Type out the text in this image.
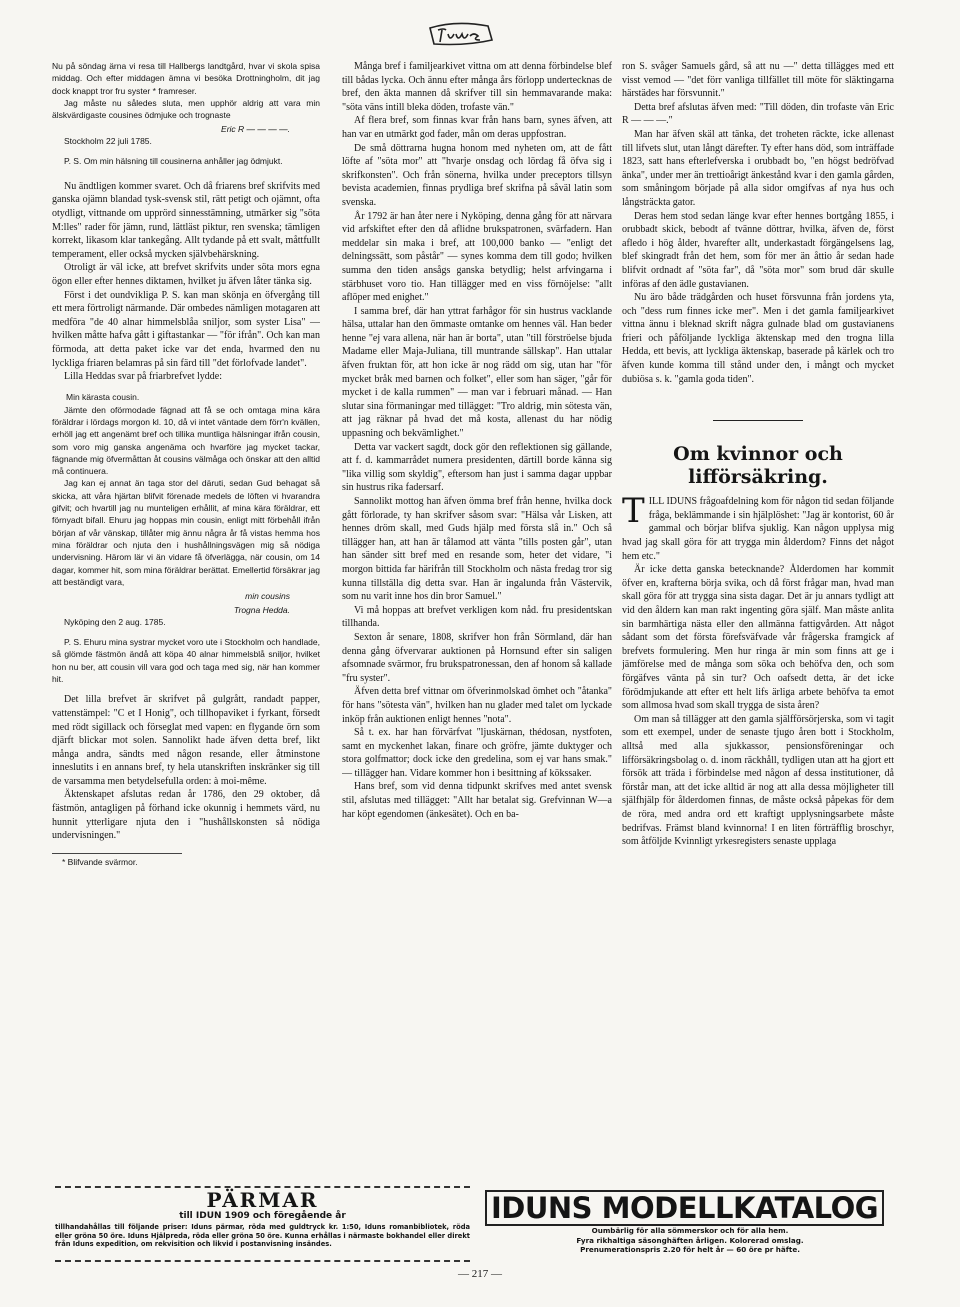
Nu på söndag ärna vi resa till Hallbergs landtgård, hvar vi skola spisa middag. Och efter middagen ämna vi besöka Drottningholm, dit jag dock knappt tror fru syster * framreser.

Jag måste nu således sluta, men upphör aldrig att vara min älskvärdigaste cousines ödmjuke och trognaste

Eric R — — — —.
Stockholm 22 juli 1785.

P. S. Om min hälsning till cousinerna anhåller jag ödmjukt.

Nu ändtligen kommer svaret. Och då friarens bref skrifvits med ganska ojämn blandad tysk-svensk stil, rätt petigt och ojämnt, ofta otydligt, vittnande om upprörd sinnesstämning, utmärker sig "söta M:lles" rader för jämn, rund, lättläst piktur, ren svenska; tämligen korrekt, likasom klar tankegång. Allt tydande på ett svalt, måttfullt temperament, eller också mycken självbehärskning.

Otroligt är väl icke, att brefvet skrifvits under söta mors egna ögon eller efter hennes diktamen, hvilket ju äfven låter tänka sig.

Först i det oundvikliga P. S. kan man skönja en öfvergång till ett mera förtroligt närmande. Där ombedes nämligen motagaren att medföra "de 40 alnar himmelsblåa sniljor, som syster Lisa" — hvilken måtte hafva gått i giftastankar — "för ifrån". Och kan man förmoda, att detta paket icke var det enda, hvarmed den nu lyckliga friaren belamras på sin färd till "det förlofvade landet".

Lilla Heddas svar på friarbrefvet lydde:

Min kärasta cousin.

Jämte den oförmodade fägnad att få se och omtaga mina kära föräldrar i lördags morgon kl. 10, då vi intet väntade dem förr'n kvällen, erhöll jag ett angenämt bref och tillika muntliga hälsningar ifrån cousin, som voro mig ganska angenäma och hvarföre jag mycket tackar, fägnande mig öfvermåttan åt cousins välmåga och önskar att den alltid må continuera.

Jag kan ej annat än taga stor del däruti, sedan Gud behagat så skicka, att våra hjärtan blifvit förenade medels de löften vi hvarandra gifvit; och hvartill jag nu munteligen erhållit, af mina kära föräldrar, ett förnyadt bifall. Ehuru jag hoppas min cousin, enligt mitt förbehåll ifrån början af vår vänskap, tillåter mig ännu några år få vistas hemma hos mina föräldrar och njuta den i hushållningsvägen mig så nödiga undervisning. Härom lär vi än vidare få öfverlägga, när cousin, om 14 dagar, kommer hit, som mina föräldrar berättat. Emellertid försäkrar jag att beständigt vara,

min cousins
Trogna Hedda.
Nyköping den 2 aug. 1785.

P. S. Ehuru mina systrar mycket voro ute i Stockholm och handlade, så glömde fästmön ändå att köpa 40 alnar himmelsblå sniljor, hvilket hon nu ber, att cousin vill vara god och taga med sig, när han kommer hit.

Det lilla brefvet är skrifvet på gulgrått, randadt papper, vattenstämpel: "C et I Honig", och tillhopaviket i fyrkant, försedt med rödt sigillack och förseglat med vapen: en flygande örn som djärft blickar mot solen. Sannolikt hade äfven detta bref, likt många andra, sändts med någon resande, eller åtminstone inneslutits i en annans bref, ty hela utanskriften inskränker sig till de varsamma men betydelsefulla orden: à moi-même.

Äktenskapet afslutas redan år 1786, den 29 oktober, då fästmön, antagligen på förhand icke okunnig i hemmets värd, nu hunnit ytterligare njuta den i "hushållskonsten så nödiga undervisningen."

* Blifvande svärmor.

Många bref i familjearkivet vittna om att denna förbindelse blef till bådas lycka. Och ännu efter många års förlopp undertecknas de bref, den äkta mannen då skrifver till sin hemmavarande maka: "söta väns intill bleka döden, trofaste vän."

Af flera bref, som finnas kvar från hans barn, synes äfven, att han var en utmärkt god fader, mån om deras uppfostran.

De små döttrarna hugna honom med nyheten om, att de fått löfte af "söta mor" att "hvarje onsdag och lördag få öfva sig i skrifkonsten". Och från sönerna, hvilka under preceptors tillsyn bevista academien, finnas prydliga bref skrifna på såväl latin som svenska.

År 1792 är han åter nere i Nyköping, denna gång för att närvara vid arfskiftet efter den då aflidne brukspatronen, svärfadern. Han meddelar sin maka i bref, att 100,000 banko — "enligt det delningssätt, som påstår" — synes komma dem till godo; hvilken summa den tiden ansågs ganska betydlig; helst arfvingarna i stärbhuset voro tio. Han tillägger med en viss förnöjelse: "allt aflöper med enighet."

I samma bref, där han yttrat farhågor för sin hustrus vacklande hälsa, uttalar han den ömmaste omtanke om hennes väl. Han beder henne "ej vara allena, när han är borta", utan "till förströelse bjuda Madame eller Maja-Juliana, till muntrande sällskap". Han uttalar äfven fruktan för, att hon icke är nog rädd om sig, utan har "för mycket bråk med barnen och folket", eller som han säger, "går för mycket i de kalla rummen" — man var i februari månad. — Han slutar sina förmaningar med tillägget: "Tro aldrig, min sötesta vän, att jag räknar på hvad det må kosta, allenast du har nödig uppasning och bekvämlighet."

Detta var vackert sagdt, dock gör den reflektionen sig gällande, att f. d. kammarrådet numera presidenten, därtill borde känna sig "lika villig som skyldig", eftersom han just i samma dagar uppbar sin hustrus rika fadersarf.

Sannolikt mottog han äfven ömma bref från henne, hvilka dock gått förlorade, ty han skrifver såsom svar: "Hälsa vår Lisken, att hennes dröm skall, med Guds hjälp med första slå in." Och så tillägger han, att han är tålamod att vänta "tills posten går", utan han sänder sitt bref med en resande som, heter det vidare, "i morgon bittida far härifrån till Stockholm och nästa fredag tror sig kunna tillställa dig detta svar. Han är ingalunda från Västervik, som nu varit inne hos din bror Samuel."

Vi må hoppas att brefvet verkligen kom nåd. fru presidentskan tillhanda.

Sexton år senare, 1808, skrifver hon från Sörmland, där han denna gång öfvervarar auktionen på Hornsund efter sin saligen afsomnade svärmor, fru brukspatronessan, den af honom så kallade "fru syster".

Äfven detta bref vittnar om öfverinmolskad ömhet och "åtanka" för hans "sötesta vän", hvilken han nu glader med talet om lyckade inköp från auktionen enligt hennes "nota".

Så t. ex. har han förvärfvat "ljuskärnan, thédosan, nystfoten, samt en myckenhet lakan, finare och gröfre, jämte duktyger och stora golfmattor; dock icke den gredelina, som ej var hans smak." — tillägger han. Vidare kommer hon i besittning af kökssaker.

Hans bref, som vid denna tidpunkt skrifves med antet svensk stil, afslutas med tillägget: "Allt har betalat sig. Grefvinnan W—a har köpt egendomen (änkesätet). Och en ba-

ron S. svåger Samuels gård, så att nu —" detta tillägges med ett visst vemod — "det förr vanliga tillfället till möte för släktingarna härstädes har försvunnit."

Detta bref afslutas äfven med: "Till döden, din trofaste vän Eric R — — —."

Man har äfven skäl att tänka, det troheten räckte, icke allenast till lifvets slut, utan långt därefter. Ty efter hans död, som inträffade 1823, satt hans efterlefverska i orubbadt bo, "en högst bedröfvad änka", under mer än trettioårigt änkestånd kvar i den gamla gården, som småningom började på alla sidor omgifvas af nya hus och långsträckta gator.

Deras hem stod sedan länge kvar efter hennes bortgång 1855, i orubbadt skick, bebodt af tvänne döttrar, hvilka, äfven de, först afledo i hög ålder, hvarefter allt, underkastadt förgängelsens lag, blef skingradt från det hem, som för mer än åttio år sedan hade blifvit ordnadt af "söta far", då "söta mor" som brud där skulle införas af den ädle gustavianen.

Nu äro både trädgården och huset försvunna från jordens yta, och "dess rum finnes icke mer". Men i det gamla familjearkivet vittna ännu i bleknad skrift några gulnade blad om gustavianens frieri och påföljande lyckliga äktenskap med den trogna lilla Hedda, ett bevis, att lyckliga äktenskap, baserade på kärlek och tro äfven kunde komma till stånd under den, i mångt och mycket dubiösa s. k. "gamla goda tiden".

Om kvinnor och lifförsäkring.

TILL IDUNS frågoafdelning kom för någon tid sedan följande fråga, beklämmande i sin hjälplöshet: "Jag är kontorist, 60 år gammal och börjar blifva sjuklig. Kan någon upplysa mig hvad jag skall göra för att trygga min ålderdom? Finns det något hem etc."

Är icke detta ganska betecknande? Ålderdomen har kommit öfver en, krafterna börja svika, och då först frågar man, hvad man skall göra för att trygga sina sista dagar. Det är ju annars tydligt att vid den åldern kan man rakt ingenting göra själf. Man måste anlita sin barmhärtiga nästa eller den allmänna fattigvården. Att något sådant som det första förefsväfvade vår frågerska framgick af brefvets formulering. Men hur ringa är min som finns att ge i jämförelse med de många som söka och behöfva den, och som förgäfves vänta på sin tur? Och oafsedt detta, är det icke förödmjukande att efter ett helt lifs ärliga arbete behöfva ta emot som allmosa hvad som skall trygga de sista åren?

Om man så tillägger att den gamla själfförsörjerska, som vi tagit som ett exempel, under de senaste tjugo åren bott i Stockholm, alltså med alla sjukkassor, pensionsföreningar och lifförsäkringsbolag o. d. inom räckhåll, tydligen utan att ha gjort ett försök att träda i förbindelse med någon af dessa institutioner, då förstår man, att det icke alltid är nog att alla dessa möjligheter till själfhjälp för ålderdomen finnas, de måste också påpekas för dem de röra, med andra ord ett kraftigt upplysningsarbete måste bedrifvas. Främst bland kvinnorna! I en liten förträfflig broschyr, som åtföljde Kvinnligt yrkesregisters senaste upplaga

PÄRMAR
till IDUN 1909 och föregående år
tillhandahållas till följande priser: Iduns pärmar, röda med guldtryck kr. 1:50, Iduns romanbibliotek, röda eller gröna 50 öre. Iduns Hjälpreda, röda eller gröna 50 öre. Kunna erhållas i närmaste bokhandel eller direkt från Iduns expedition, om rekvisition och likvid i postanvisning insändes.
IDUNS MODELLKATALOG
Oumbärlig för alla sömmerskor och för alla hem.
Fyra rikhaltiga säsonghäften årligen. Kolorerad omslag.
Prenumerationspris 2.20 för helt år — 60 öre pr häfte.
— 217 —
